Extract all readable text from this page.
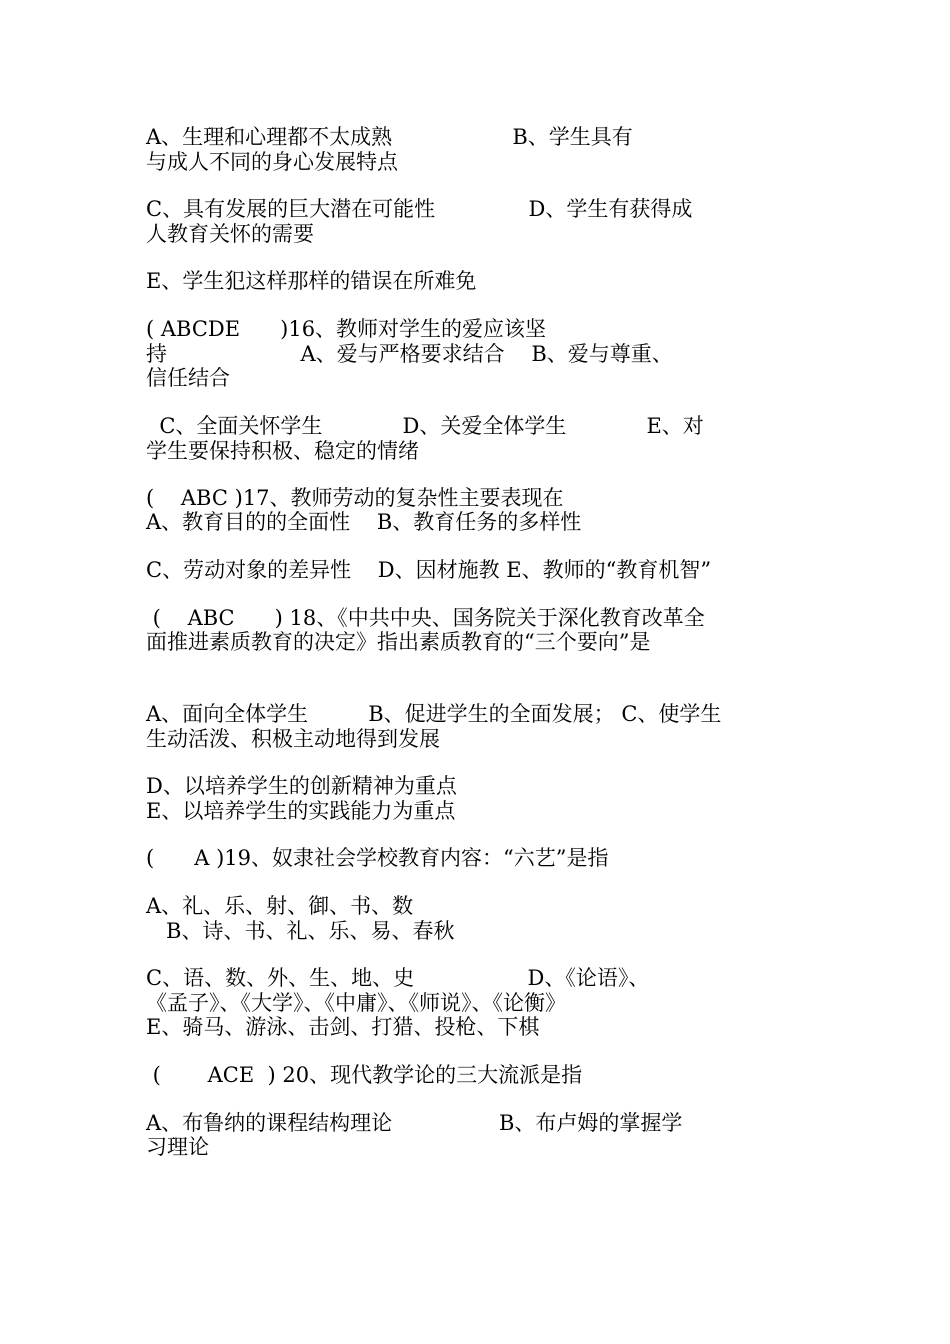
A、生理和心理都不太成熟                  B、学生具有
与成人不同的身心发展特点
C、具有发展的巨大潜在可能性              D、学生有获得成
人教育关怀的需要
E、学生犯这样那样的错误在所难免
( ABCDE      )16、教师对学生的爱应该坚
持                    A、爱与严格要求结合    B、爱与尊重、
信任结合
C、全面关怀学生            D、关爱全体学生            E、对
学生要保持积极、稳定的情绪
(    ABC )17、教师劳动的复杂性主要表现在
A、教育目的的全面性    B、教育任务的多样性
C、劳动对象的差异性    D、因材施教 E、教师的“教育机智”
(    ABC      ) 18、《中共中央、国务院关于深化教育改革全
面推进素质教育的决定》指出素质教育的“三个要向”是
A、面向全体学生         B、促进学生的全面发展； C、使学生
生动活泼、积极主动地得到发展
D、以培养学生的创新精神为重点
E、以培养学生的实践能力为重点
(      A )19、奴隶社会学校教育内容：“六艺”是指
A、礼、乐、射、御、书、数
B、诗、书、礼、乐、易、春秋
C、语、数、外、生、地、史                 D、《论语》、
《孟子》、《大学》、《中庸》、《师说》、《论衡》
E、骑马、游泳、击剑、打猎、投枪、下棋
(       ACE  ) 20、现代教学论的三大流派是指
A、布鲁纳的课程结构理论                B、布卢姆的掌握学
习理论
